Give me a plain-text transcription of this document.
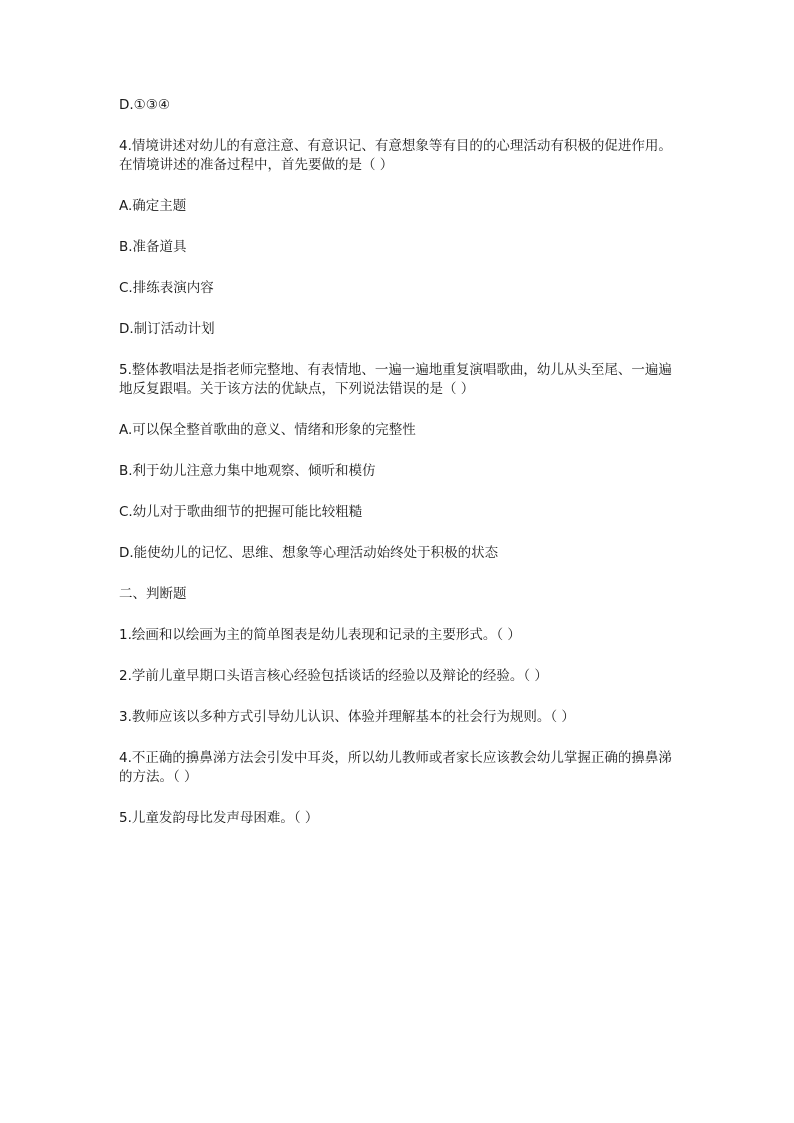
D.①③④

4.情境讲述对幼儿的有意注意、有意识记、有意想象等有目的的心理活动有积极的促进作用。在情境讲述的准备过程中，首先要做的是（ ）

A.确定主题

B.准备道具

C.排练表演内容

D.制订活动计划

5.整体教唱法是指老师完整地、有表情地、一遍一遍地重复演唱歌曲，幼儿从头至尾、一遍遍地反复跟唱。关于该方法的优缺点，下列说法错误的是（ ）

A.可以保全整首歌曲的意义、情绪和形象的完整性

B.利于幼儿注意力集中地观察、倾听和模仿

C.幼儿对于歌曲细节的把握可能比较粗糙

D.能使幼儿的记忆、思维、想象等心理活动始终处于积极的状态

二、判断题

1.绘画和以绘画为主的简单图表是幼儿表现和记录的主要形式。（ ）

2.学前儿童早期口头语言核心经验包括谈话的经验以及辩论的经验。（ ）

3.教师应该以多种方式引导幼儿认识、体验并理解基本的社会行为规则。（ ）

4.不正确的擤鼻涕方法会引发中耳炎，所以幼儿教师或者家长应该教会幼儿掌握正确的擤鼻涕的方法。（ ）

5.儿童发韵母比发声母困难。（ ）
